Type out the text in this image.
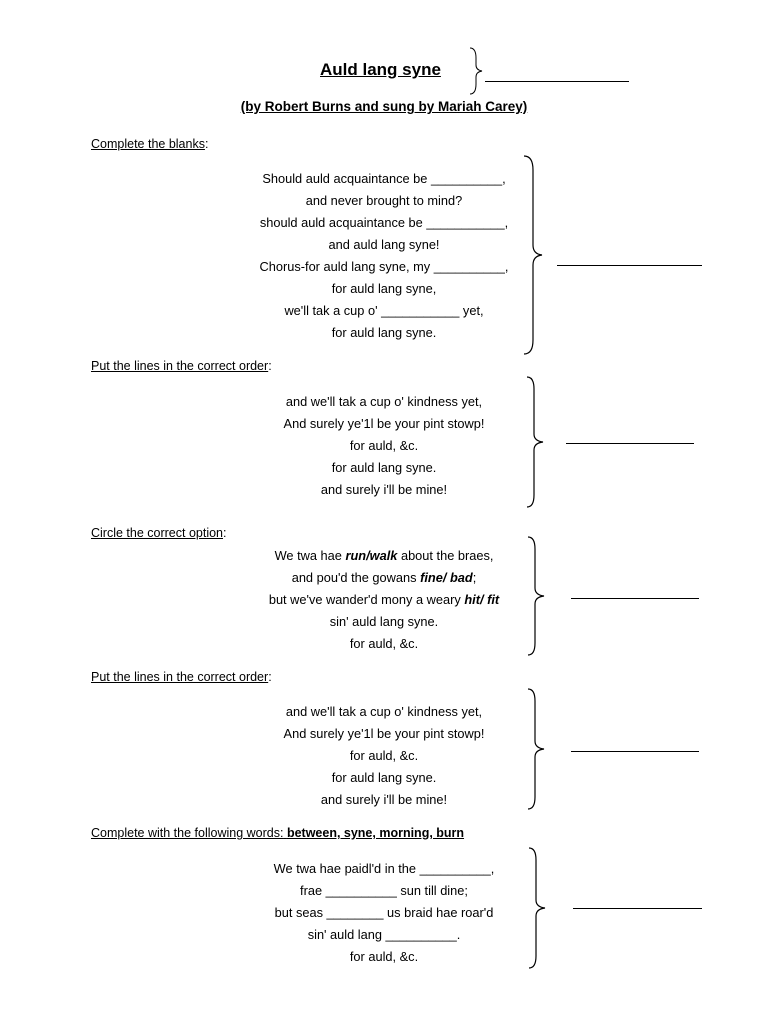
Auld lang syne
(by Robert Burns and sung by Mariah Carey)
Complete the blanks:
Should auld acquaintance be __________,
and never brought to mind?
should auld acquaintance be ___________,
and auld lang syne!
Chorus-for auld lang syne, my __________,
for auld lang syne,
we'll tak a cup o' ___________ yet,
for auld lang syne.
Put the lines in the correct order:
and we'll tak a cup o' kindness yet,
And surely ye'1l be your pint stowp!
for auld, &c.
for auld lang syne.
and surely i'll be mine!
Circle the correct option:
We twa hae run/walk about the braes,
and pou'd the gowans fine/ bad;
but we've wander'd mony a weary hit/ fit
sin' auld lang syne.
for auld, &c.
Put the lines in the correct order:
and we'll tak a cup o' kindness yet,
And surely ye'1l be your pint stowp!
for auld, &c.
for auld lang syne.
and surely i'll be mine!
Complete with the following words: between, syne, morning, burn
We twa hae paidl'd in the __________,
frae __________ sun till dine;
but seas ________ us braid hae roar'd
sin' auld lang __________.
for auld, &c.
